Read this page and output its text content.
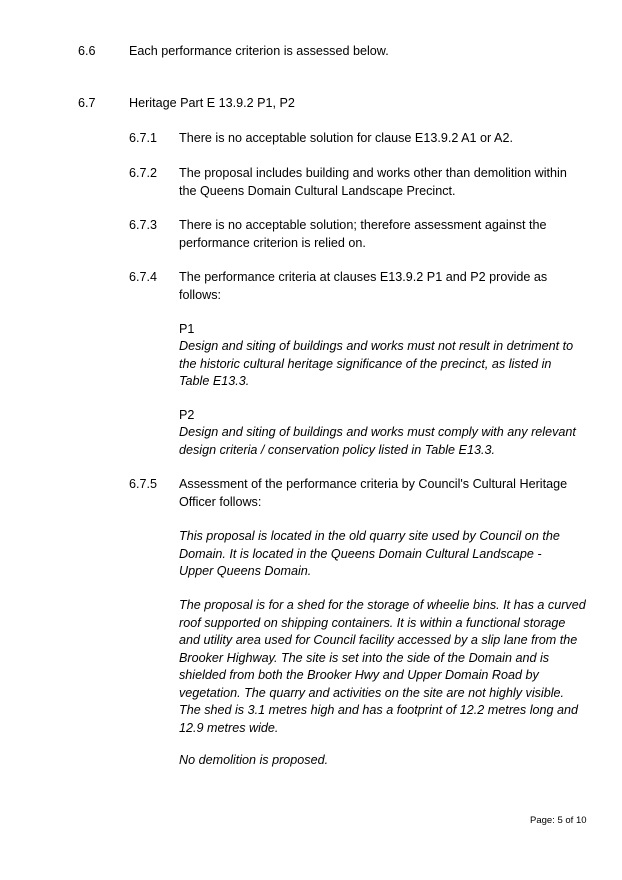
6.6	Each performance criterion is assessed below.
6.7	Heritage Part E 13.9.2 P1, P2
6.7.1 There is no acceptable solution for clause E13.9.2 A1 or A2.
6.7.2 The proposal includes building and works other than demolition within the Queens Domain Cultural Landscape Precinct.
6.7.3 There is no acceptable solution; therefore assessment against the performance criterion is relied on.
6.7.4 The performance criteria at clauses E13.9.2 P1 and P2 provide as follows:
P1
Design and siting of buildings and works must not result in detriment to the historic cultural heritage significance of the precinct, as listed in Table E13.3.
P2
Design and siting of buildings and works must comply with any relevant design criteria / conservation policy listed in Table E13.3.
6.7.5 Assessment of the performance criteria by Council's Cultural Heritage Officer follows:
This proposal is located in the old quarry site used by Council on the Domain. It is located in the Queens Domain Cultural Landscape - Upper Queens Domain.
The proposal is for a shed for the storage of wheelie bins. It has a curved roof supported on shipping containers. It is within a functional storage and utility area used for Council facility accessed by a slip lane from the Brooker Highway. The site is set into the side of the Domain and is shielded from both the Brooker Hwy and Upper Domain Road by vegetation. The quarry and activities on the site are not highly visible. The shed is 3.1 metres high and has a footprint of 12.2 metres long and 12.9 metres wide.
No demolition is proposed.
Page: 5 of 10
